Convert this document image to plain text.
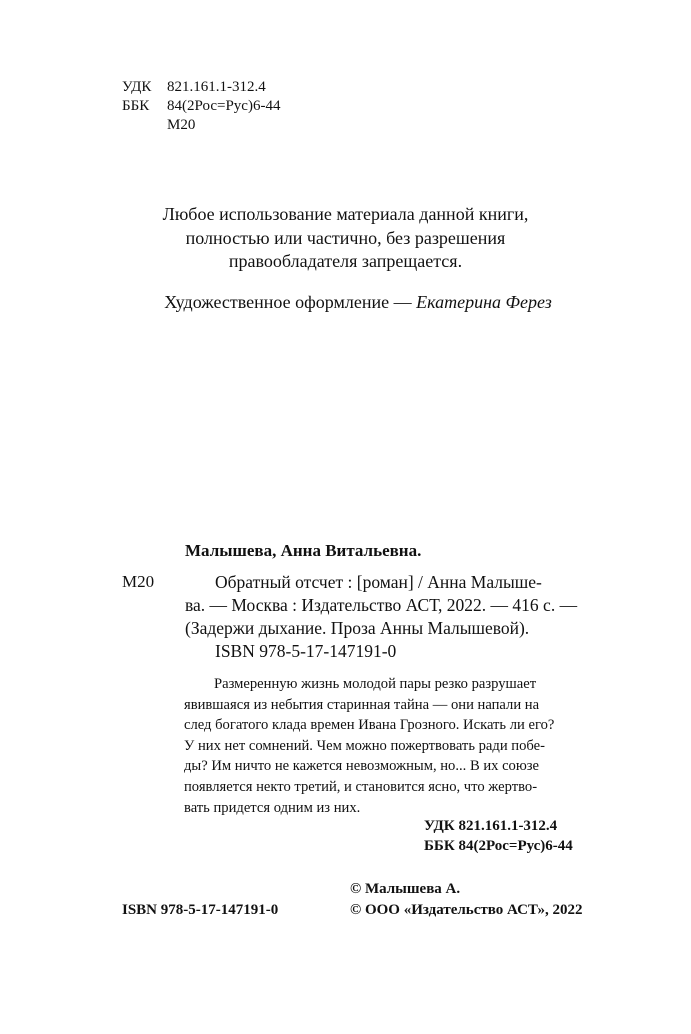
УДК 821.161.1-312.4
ББК 84(2Рос=Рус)6-44
М20
Любое использование материала данной книги,
полностью или частично, без разрешения
правообладателя запрещается.
Художественное оформление — Екатерина Ферез
Малышева, Анна Витальевна.
М20	Обратный отсчет : [роман] / Анна Малыше-
ва. — Москва : Издательство АСТ, 2022. — 416 с. —
(Задержи дыхание. Проза Анны Малышевой).
ISBN 978-5-17-147191-0
Размеренную жизнь молодой пары резко разрушает
явившаяся из небытия старинная тайна — они напали на
след богатого клада времен Ивана Грозного. Искать ли его?
У них нет сомнений. Чем можно пожертвовать ради побе-
ды? Им ничто не кажется невозможным, но... В их союзе
появляется некто третий, и становится ясно, что жертво-
вать придется одним из них.
УДК 821.161.1-312.4
ББК 84(2Рос=Рус)6-44
© Малышева А.
ISBN 978-5-17-147191-0	© ООО «Издательство АСТ», 2022
